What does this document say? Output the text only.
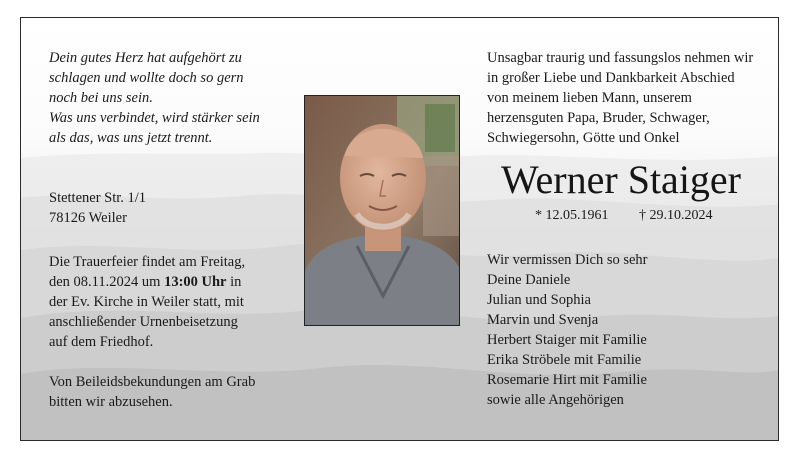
Dein gutes Herz hat aufgehört zu
schlagen und wollte doch so gern
noch bei uns sein.
Was uns verbindet, wird stärker sein
als das, was uns jetzt trennt.
Stettener Str. 1/1
78126 Weiler
Die Trauerfeier findet am Freitag,
den 08.11.2024 um 13:00 Uhr in
der Ev. Kirche in Weiler statt, mit
anschließender Urnenbeisetzung
auf dem Friedhof.
Von Beileidsbekundungen am Grab
bitten wir abzusehen.
Unsagbar traurig und fassungslos nehmen wir
in großer Liebe und Dankbarkeit Abschied
von meinem lieben Mann, unserem
herzensguten Papa, Bruder, Schwager,
Schwiegersohn, Götte und Onkel
Werner Staiger
* 12.05.1961 † 29.10.2024
Wir vermissen Dich so sehr
Deine Daniele
Julian und Sophia
Marvin und Svenja
Herbert Staiger mit Familie
Erika Ströbele mit Familie
Rosemarie Hirt mit Familie
sowie alle Angehörigen
